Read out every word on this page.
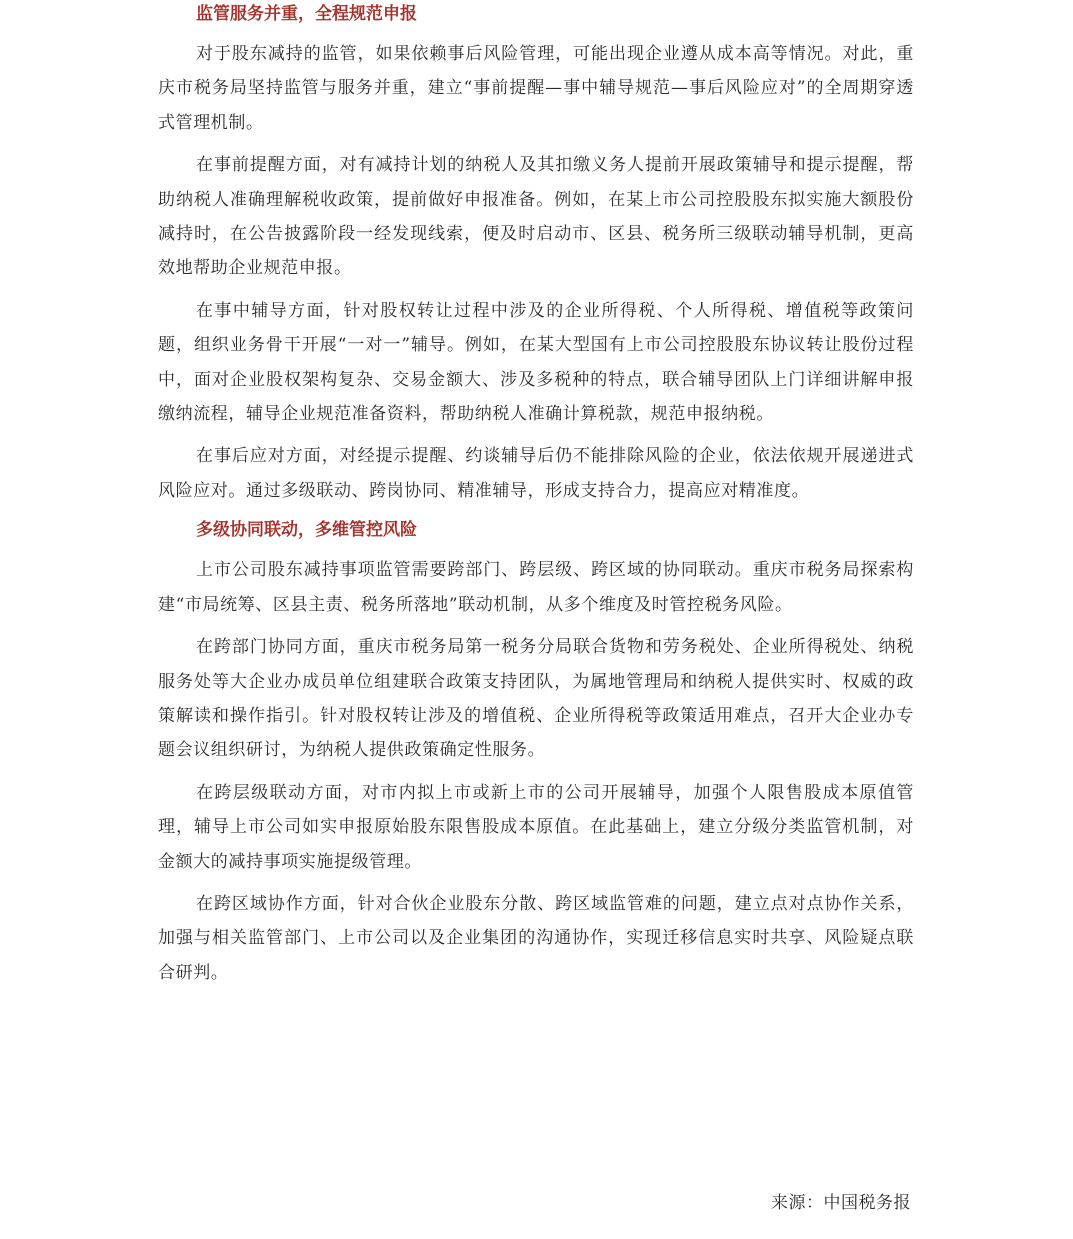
监管服务并重，全程规范申报

对于股东减持的监管，如果依赖事后风险管理，可能出现企业遵从成本高等情况。对此，重庆市税务局坚持监管与服务并重，建立“事前提醒—事中辅导规范—事后风险应对”的全周期穿透式管理机制。

在事前提醒方面，对有减持计划的纳税人及其扣缴义务人提前开展政策辅导和提示提醒，帮助纳税人准确理解税收政策，提前做好申报准备。例如，在某上市公司控股股东拟实施大额股份减持时，在公告披露阶段一经发现线索，便及时启动市、区县、税务所三级联动辅导机制，更高效地帮助企业规范申报。

在事中辅导方面，针对股权转让过程中涉及的企业所得税、个人所得税、增值税等政策问题，组织业务骨干开展“一对一”辅导。例如，在某大型国有上市公司控股股东协议转让股份过程中，面对企业股权架构复杂、交易金额大、涉及多税种的特点，联合辅导团队上门详细讲解申报缴纳流程，辅导企业规范准备资料，帮助纳税人准确计算税款，规范申报纳税。

在事后应对方面，对经提示提醒、约谈辅导后仍不能排除风险的企业，依法依规开展递进式风险应对。通过多级联动、跨岗协同、精准辅导，形成支持合力，提高应对精准度。

多级协同联动，多维管控风险

上市公司股东减持事项监管需要跨部门、跨层级、跨区域的协同联动。重庆市税务局探索构建“市局统筹、区县主责、税务所落地”联动机制，从多个维度及时管控税务风险。

在跨部门协同方面，重庆市税务局第一税务分局联合货物和劳务税处、企业所得税处、纳税服务处等大企业办成员单位组建联合政策支持团队，为属地管理局和纳税人提供实时、权威的政策解读和操作指引。针对股权转让涉及的增值税、企业所得税等政策适用难点，召开大企业办专题会议组织研讨，为纳税人提供政策确定性服务。

在跨层级联动方面，对市内拟上市或新上市的公司开展辅导，加强个人限售股成本原值管理，辅导上市公司如实申报原始股东限售股成本原值。在此基础上，建立分级分类监管机制，对金额大的减持事项实施提级管理。

在跨区域协作方面，针对合伙企业股东分散、跨区域监管难的问题，建立点对点协作关系，加强与相关监管部门、上市公司以及企业集团的沟通协作，实现迁移信息实时共享、风险疑点联合研判。

来源：中国税务报
